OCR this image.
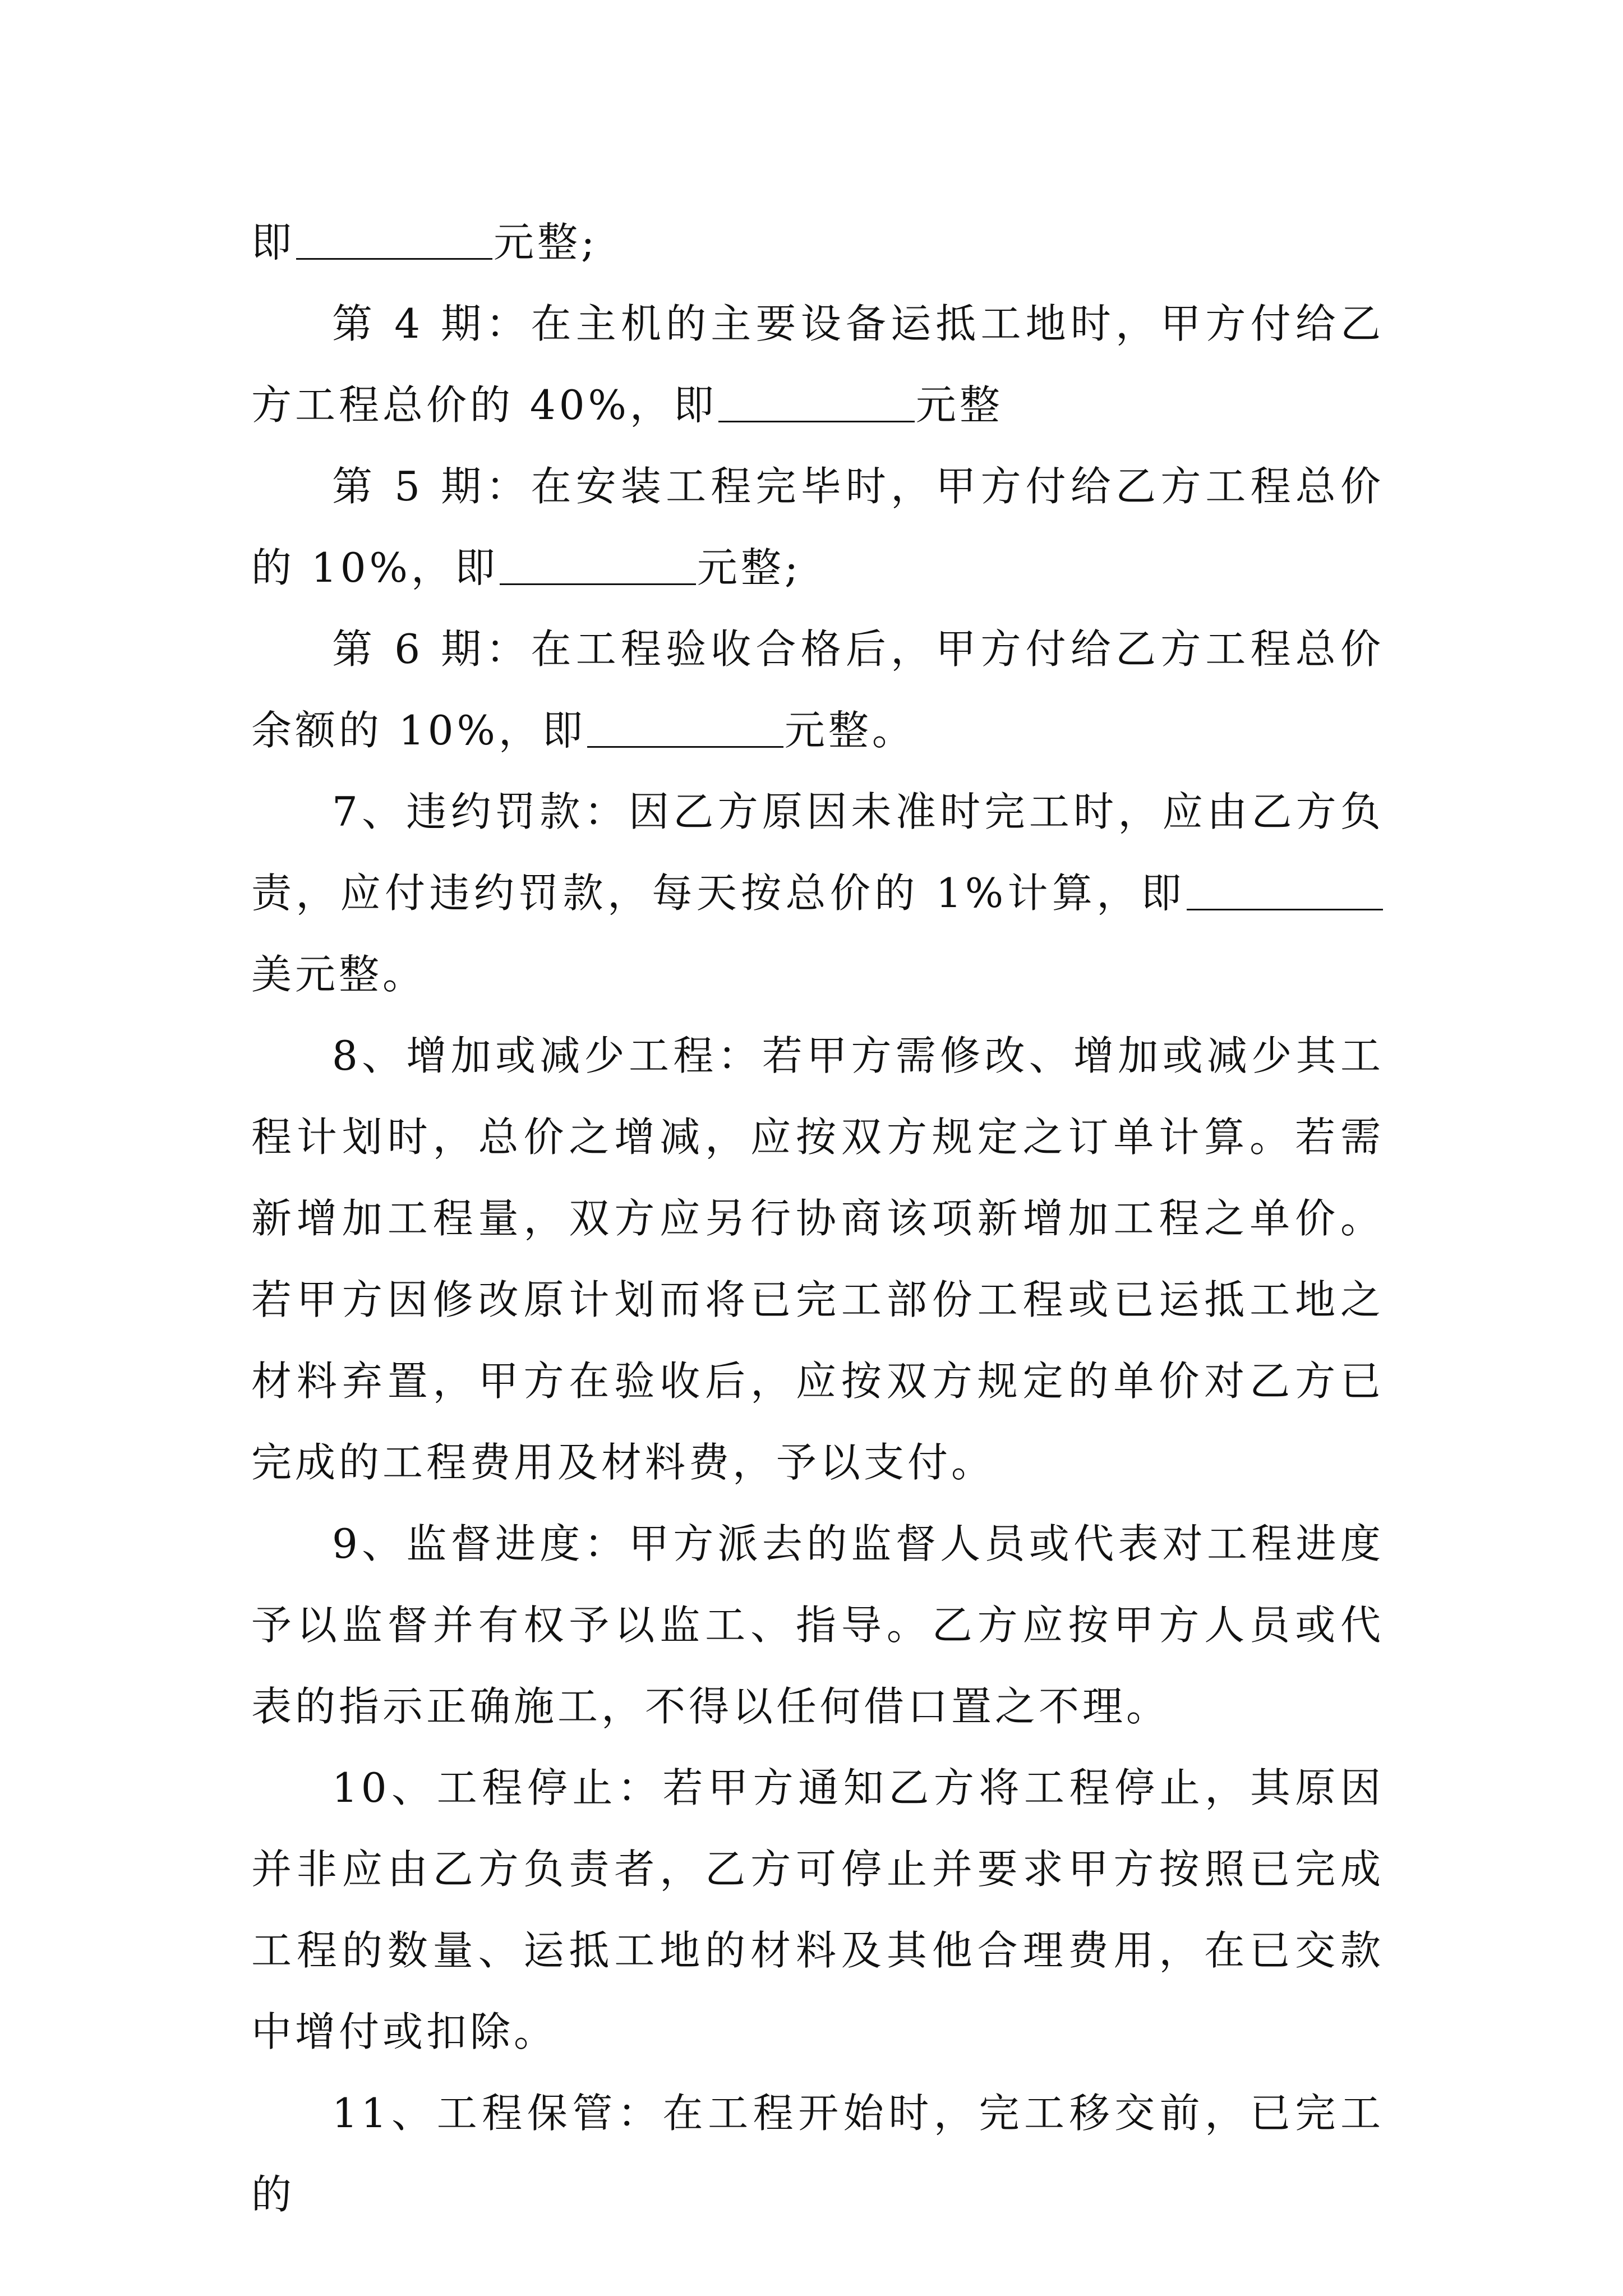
即	元整;

第 4 期：在主机的主要设备运抵工地时，甲方付给乙方工程总价的 40%，即	元整

第 5 期：在安装工程完毕时，甲方付给乙方工程总价的 10%，即	元整;

第 6 期：在工程验收合格后，甲方付给乙方工程总价余额的 10%，即	元整。

7、违约罚款：因乙方原因未准时完工时，应由乙方负责，应付违约罚款，每天按总价的 1%计算，即美元整。

8、增加或减少工程：若甲方需修改、增加或减少其工程计划时，总价之增减，应按双方规定之订单计算。若需新增加工程量，双方应另行协商该项新增加工程之单价。若甲方因修改原计划而将已完工部份工程或已运抵工地之材料弃置，甲方在验收后，应按双方规定的单价对乙方已完成的工程费用及材料费，予以支付。

9、监督进度：甲方派去的监督人员或代表对工程进度予以监督并有权予以监工、指导。乙方应按甲方人员或代表的指示正确施工，不得以任何借口置之不理。

10、工程停止：若甲方通知乙方将工程停止，其原因并非应由乙方负责者，乙方可停止并要求甲方按照已完成工程的数量、运抵工地的材料及其他合理费用，在已交款中增付或扣除。

11、工程保管：在工程开始时，完工移交前，已完工的
